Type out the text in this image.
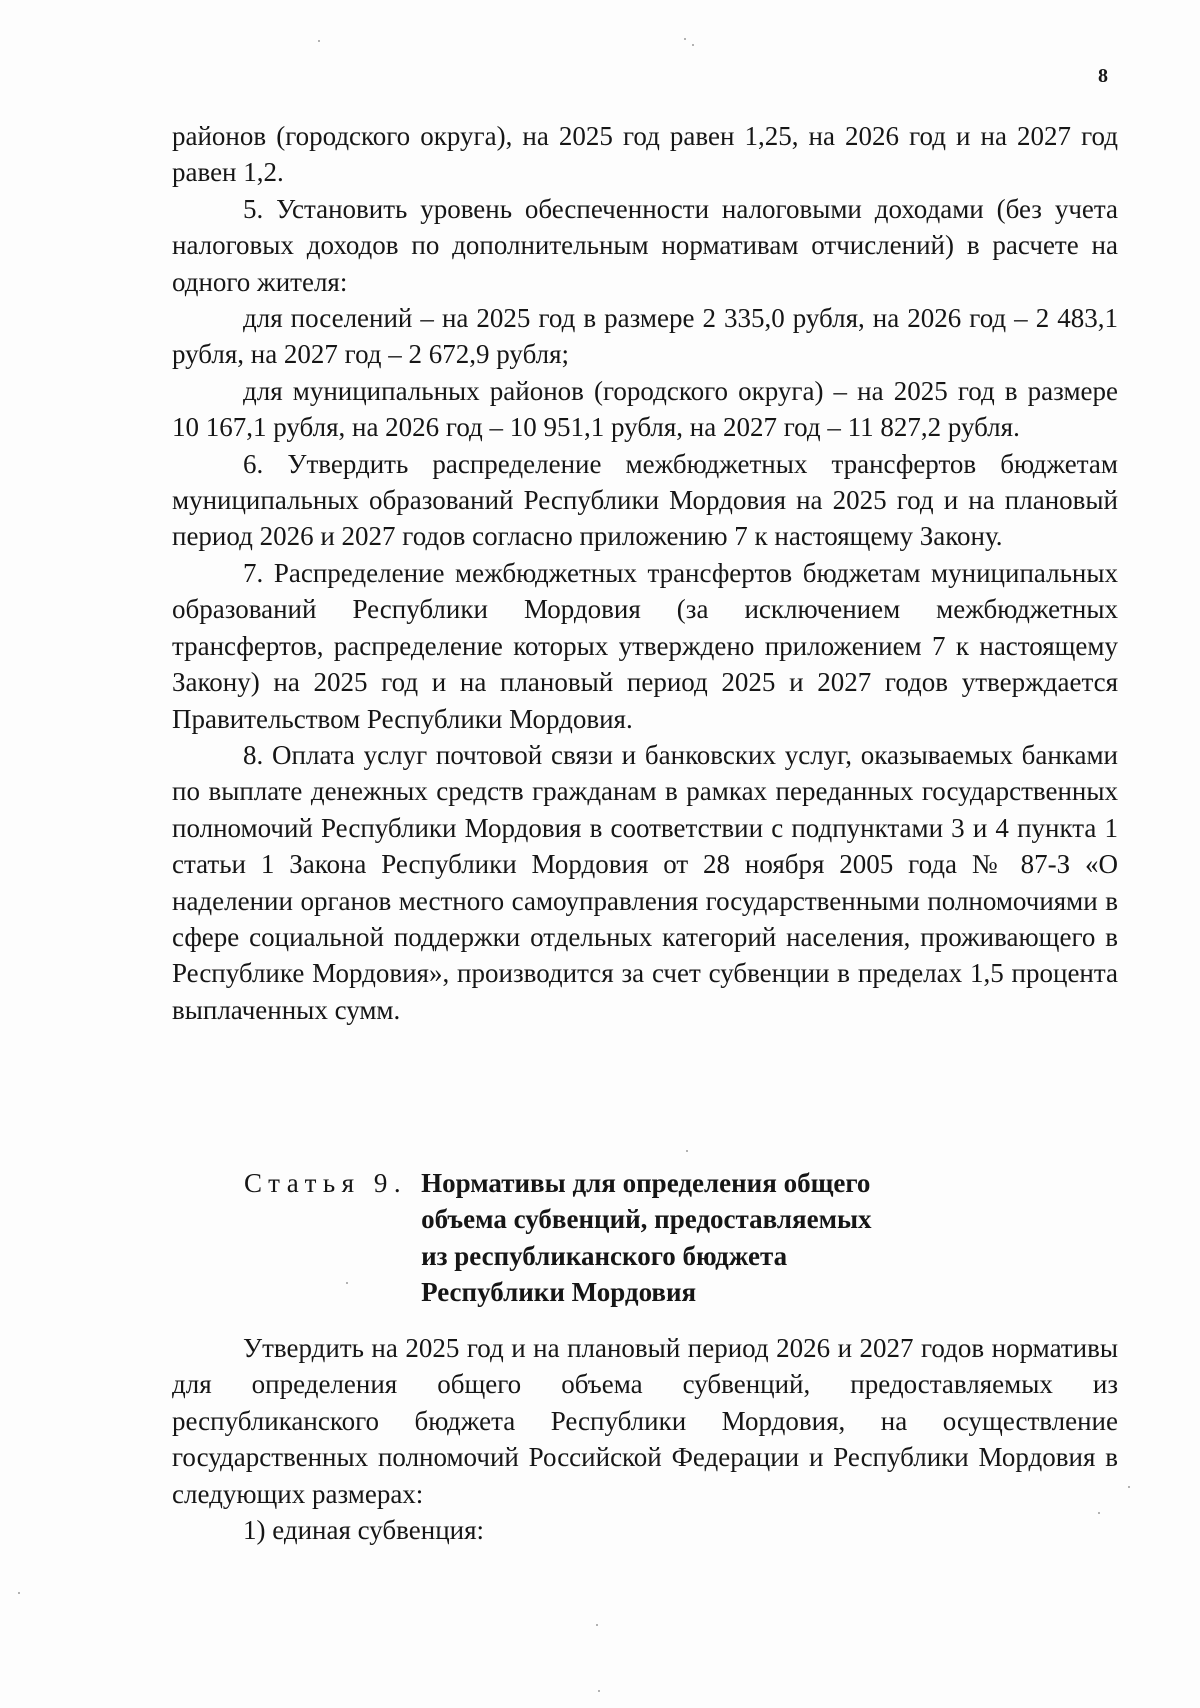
8

районов (городского округа), на 2025 год равен 1,25, на 2026 год и на 2027 год равен 1,2.

5. Установить уровень обеспеченности налоговыми доходами (без учета налоговых доходов по дополнительным нормативам отчислений) в расчете на одного жителя:

для поселений – на 2025 год в размере 2 335,0 рубля, на 2026 год – 2 483,1 рубля, на 2027 год – 2 672,9 рубля;

для муниципальных районов (городского округа) – на 2025 год в размере 10 167,1 рубля, на 2026 год – 10 951,1 рубля, на 2027 год – 11 827,2 рубля.

6. Утвердить распределение межбюджетных трансфертов бюджетам муниципальных образований Республики Мордовия на 2025 год и на плановый период 2026 и 2027 годов согласно приложению 7 к настоящему Закону.

7. Распределение межбюджетных трансфертов бюджетам муниципальных образований Республики Мордовия (за исключением межбюджетных трансфертов, распределение которых утверждено приложением 7 к настоящему Закону) на 2025 год и на плановый период 2025 и 2027 годов утверждается Правительством Республики Мордовия.

8. Оплата услуг почтовой связи и банковских услуг, оказываемых банками по выплате денежных средств гражданам в рамках переданных государственных полномочий Республики Мордовия в соответствии с подпунктами 3 и 4 пункта 1 статьи 1 Закона Республики Мордовия от 28 ноября 2005 года № 87-З «О наделении органов местного самоуправления государственными полномочиями в сфере социальной поддержки отдельных категорий населения, проживающего в Республике Мордовия», производится за счет субвенции в пределах 1,5 процента выплаченных сумм.

Статья 9. Нормативы для определения общего
объема субвенций, предоставляемых
из республиканского бюджета
Республики Мордовия

Утвердить на 2025 год и на плановый период 2026 и 2027 годов нормативы для определения общего объема субвенций, предоставляемых из республиканского бюджета Республики Мордовия, на осуществление государственных полномочий Российской Федерации и Республики Мордовия в следующих размерах:

1) единая субвенция:
